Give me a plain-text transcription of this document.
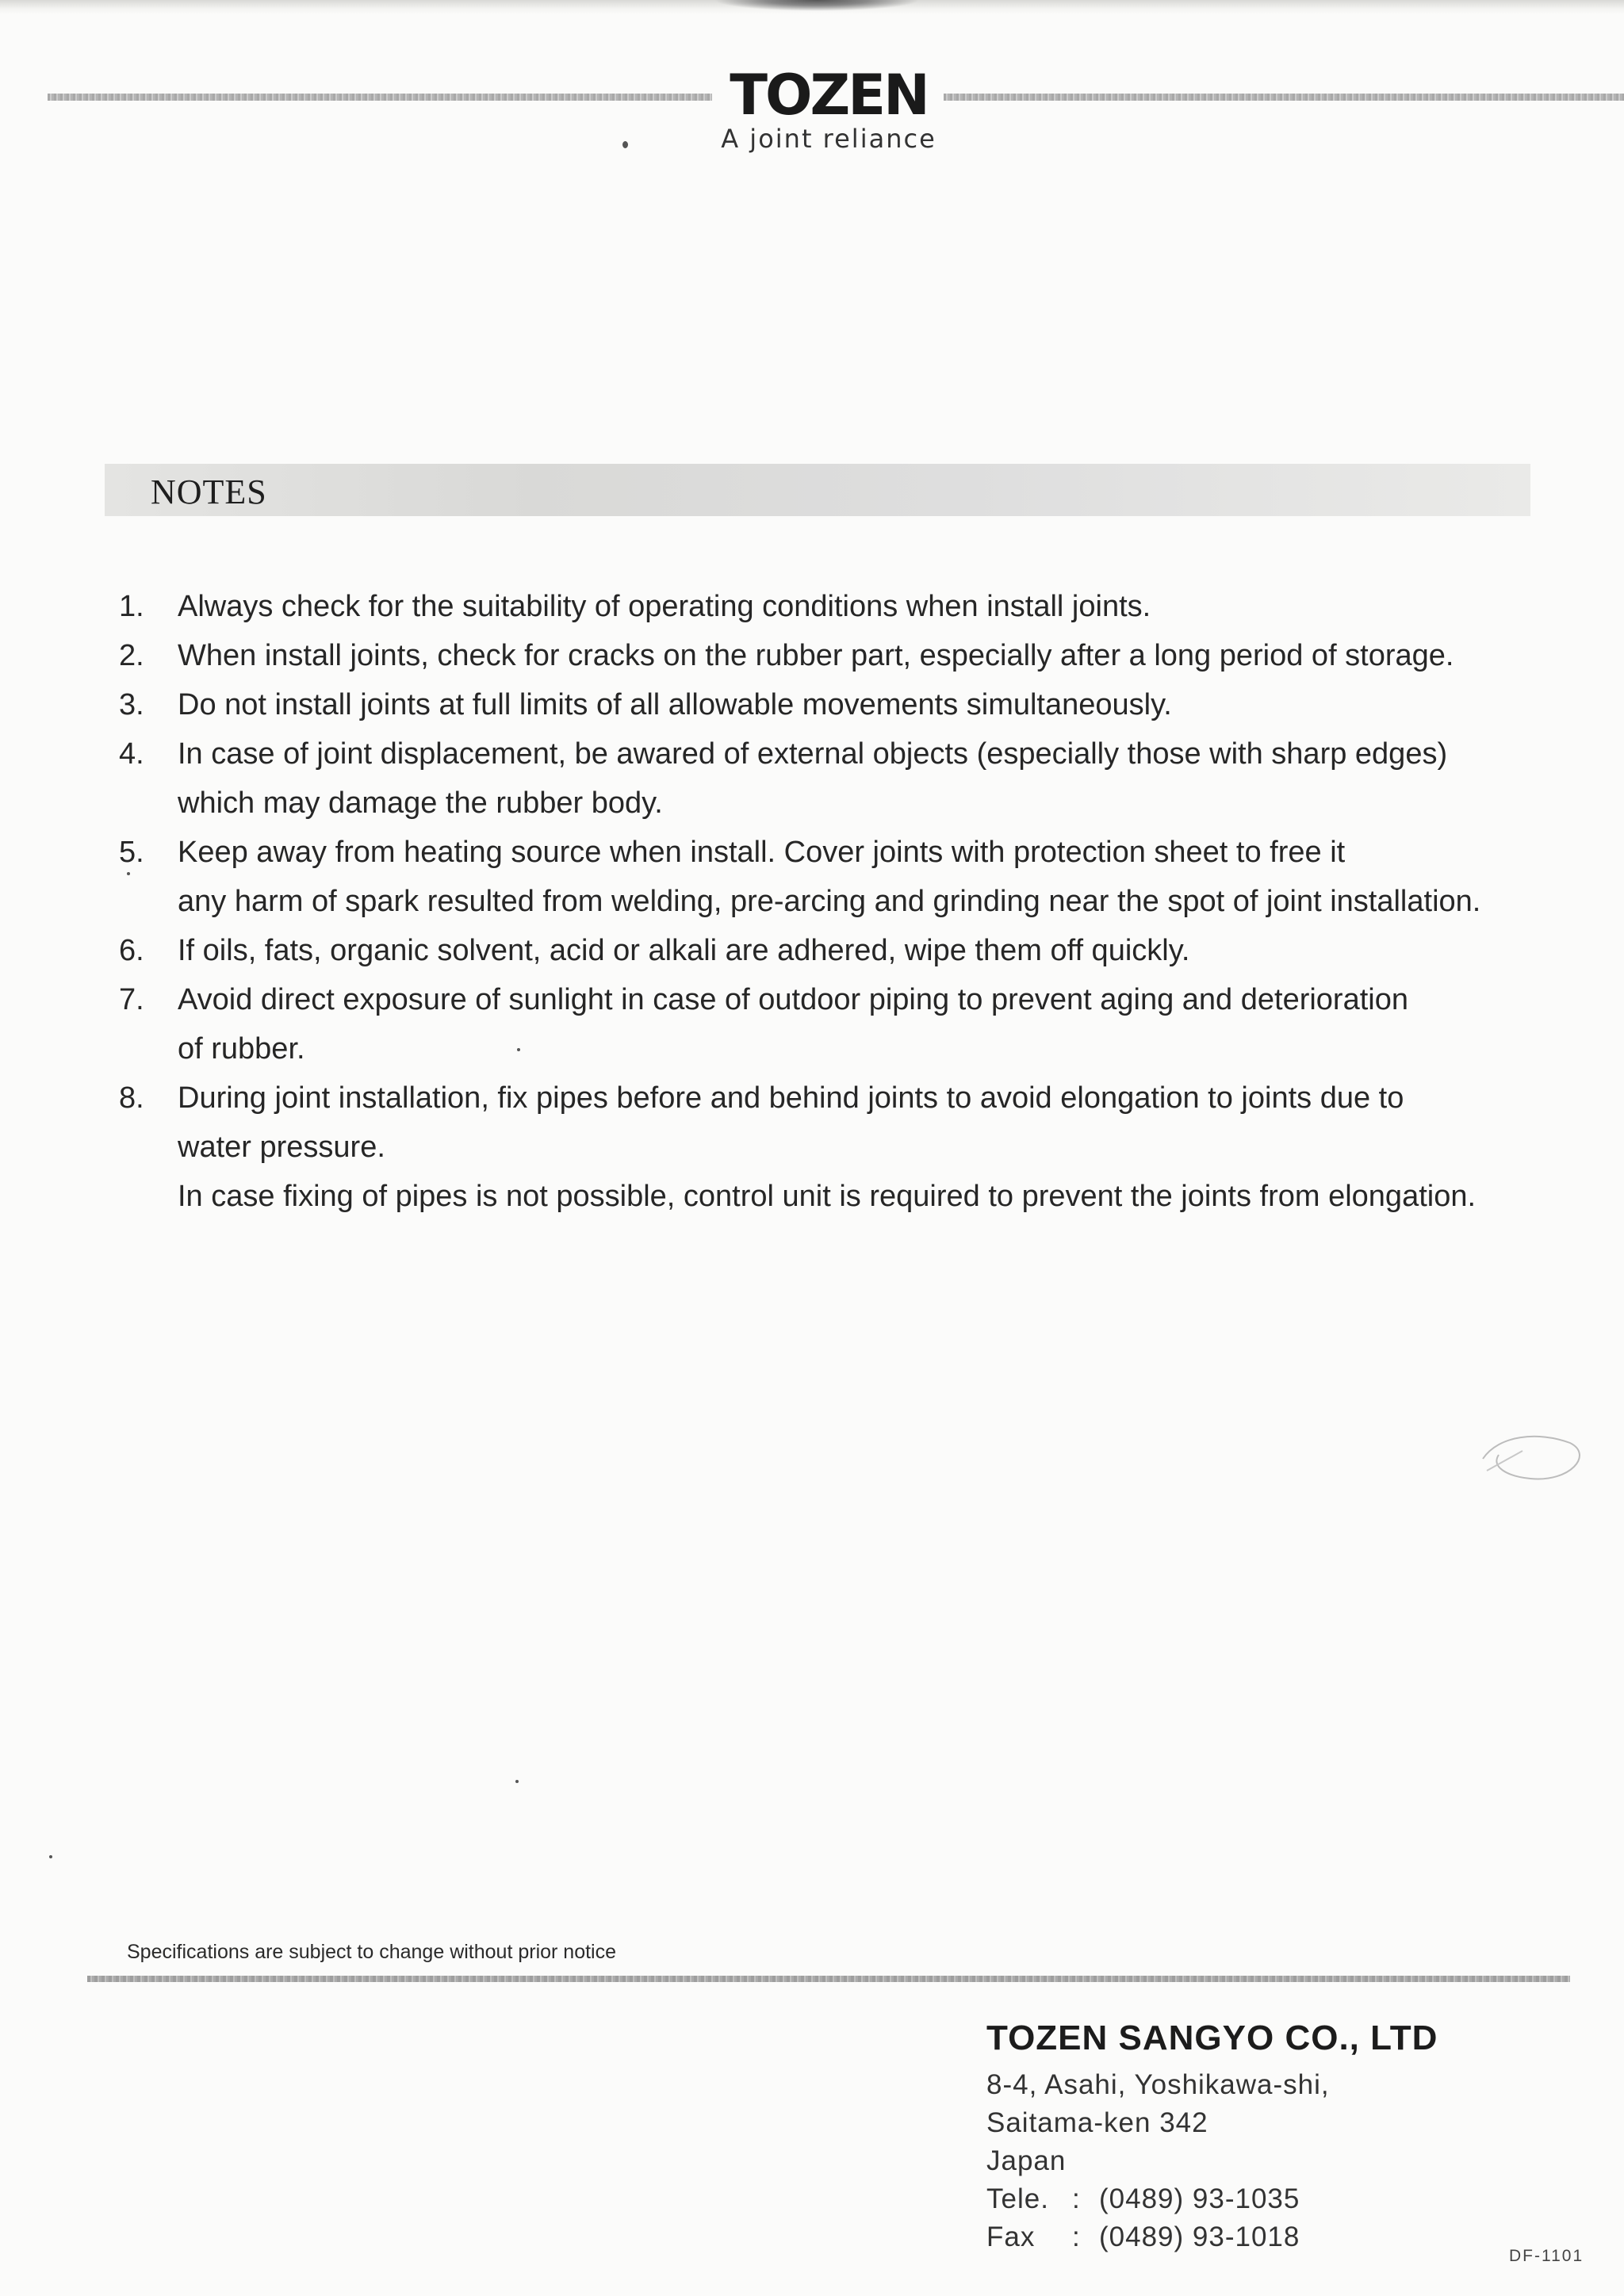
TOZEN
A joint reliance
NOTES
1.	Always check for the suitability of operating conditions when install joints.
2.	When install joints, check for cracks on the rubber part, especially after a long period of storage.
3.	Do not install joints at full limits of all allowable movements simultaneously.
4.	In case of joint displacement, be awared of external objects (especially those with sharp edges)
which may damage the rubber body.
5.	Keep away from heating source when install. Cover joints with protection sheet to free it
any harm of spark resulted from welding, pre-arcing and grinding near the spot of joint installation.
6.	If oils, fats, organic solvent, acid or alkali are adhered, wipe them off quickly.
7.	Avoid direct exposure of sunlight in case of outdoor piping to prevent aging and deterioration
of rubber.
8.	During joint installation, fix pipes before and behind joints to avoid elongation to joints due to
water pressure.
In case fixing of pipes is not possible, control unit is required to prevent the joints from elongation.
Specifications are subject to change without prior notice
TOZEN SANGYO CO., LTD
8-4, Asahi, Yoshikawa-shi,
Saitama-ken 342
Japan
Tele. : (0489) 93-1035
Fax : (0489) 93-1018
DF-1101
